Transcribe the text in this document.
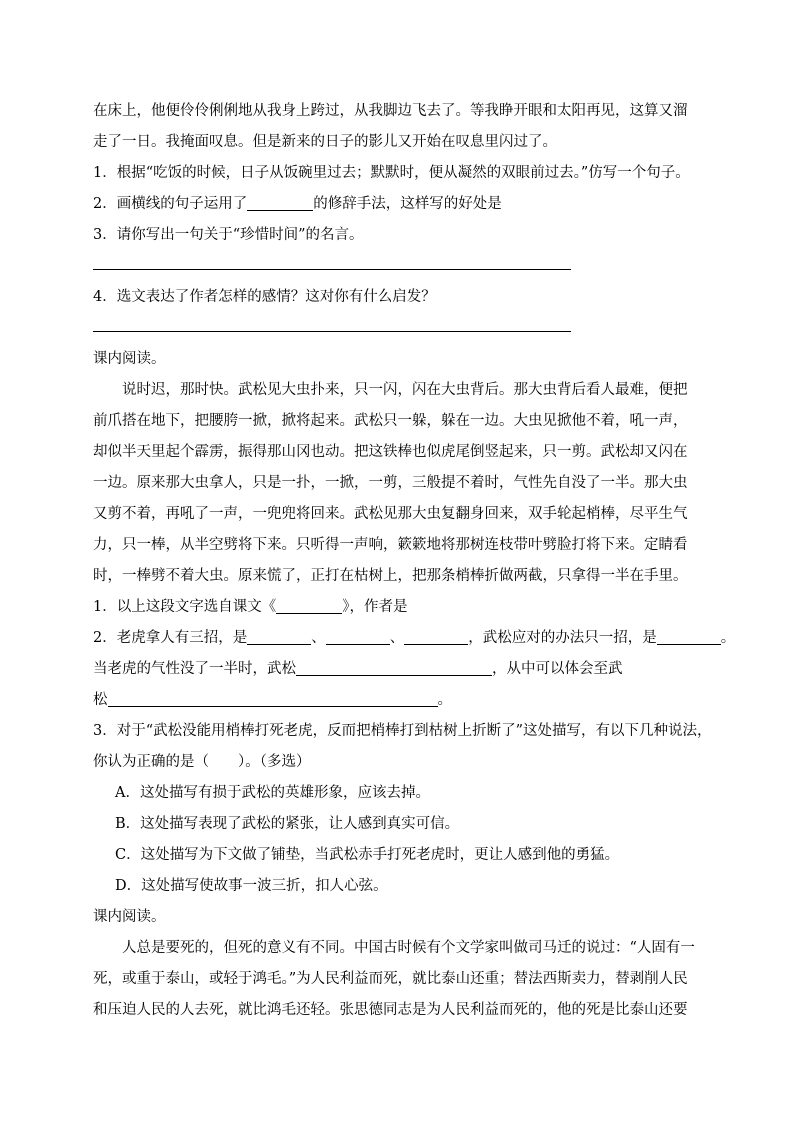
在床上，他便伶伶俐俐地从我身上跨过，从我脚边飞去了。等我睁开眼和太阳再见，这算又溜
走了一日。我掩面叹息。但是新来的日子的影儿又开始在叹息里闪过了。
1．根据“吃饭的时候，日子从饭碗里过去；默默时，便从凝然的双眼前过去。”仿写一个句子。
2．画横线的句子运用了	的修辞手法，这样写的好处是
3．请你写出一句关于“珍惜时间”的名言。
4．选文表达了作者怎样的感情？这对你有什么启发？
课内阅读。
说时迟，那时快。武松见大虫扑来，只一闪，闪在大虫背后。那大虫背后看人最难，便把
前爪搭在地下，把腰胯一掀，掀将起来。武松只一躲，躲在一边。大虫见掀他不着，吼一声，
却似半天里起个霹雳，振得那山冈也动。把这铁棒也似虎尾倒竖起来，只一剪。武松却又闪在
一边。原来那大虫拿人，只是一扑，一掀，一剪，三般提不着时，气性先自没了一半。那大虫
又剪不着，再吼了一声，一兜兜将回来。武松见那大虫复翻身回来，双手轮起梢棒，尽平生气
力，只一棒，从半空劈将下来。只听得一声响，簌簌地将那树连枝带叶劈脸打将下来。定睛看
时，一棒劈不着大虫。原来慌了，正打在枯树上，把那条梢棒折做两截，只拿得一半在手里。
1．以上这段文字选自课文《	》，作者是
2．老虎拿人有三招，是	、	、	，武松应对的办法只一招，是	。
当老虎的气性没了一半时，武松	，从中可以体会至武
松	。
3．对于“武松没能用梢棒打死老虎，反而把梢棒打到枯树上折断了”这处描写，有以下几种说法，
你认为正确的是（　　）。（多选）
A．这处描写有损于武松的英雄形象，应该去掉。
B．这处描写表现了武松的紧张，让人感到真实可信。
C．这处描写为下文做了铺垫，当武松赤手打死老虎时，更让人感到他的勇猛。
D．这处描写使故事一波三折，扣人心弦。
课内阅读。
人总是要死的，但死的意义有不同。中国古时候有个文学家叫做司马迁的说过：“人固有一
死，或重于泰山，或轻于鸿毛。”为人民利益而死，就比泰山还重；替法西斯卖力，替剥削人民
和压迫人民的人去死，就比鸿毛还轻。张思德同志是为人民利益而死的，他的死是比泰山还要
